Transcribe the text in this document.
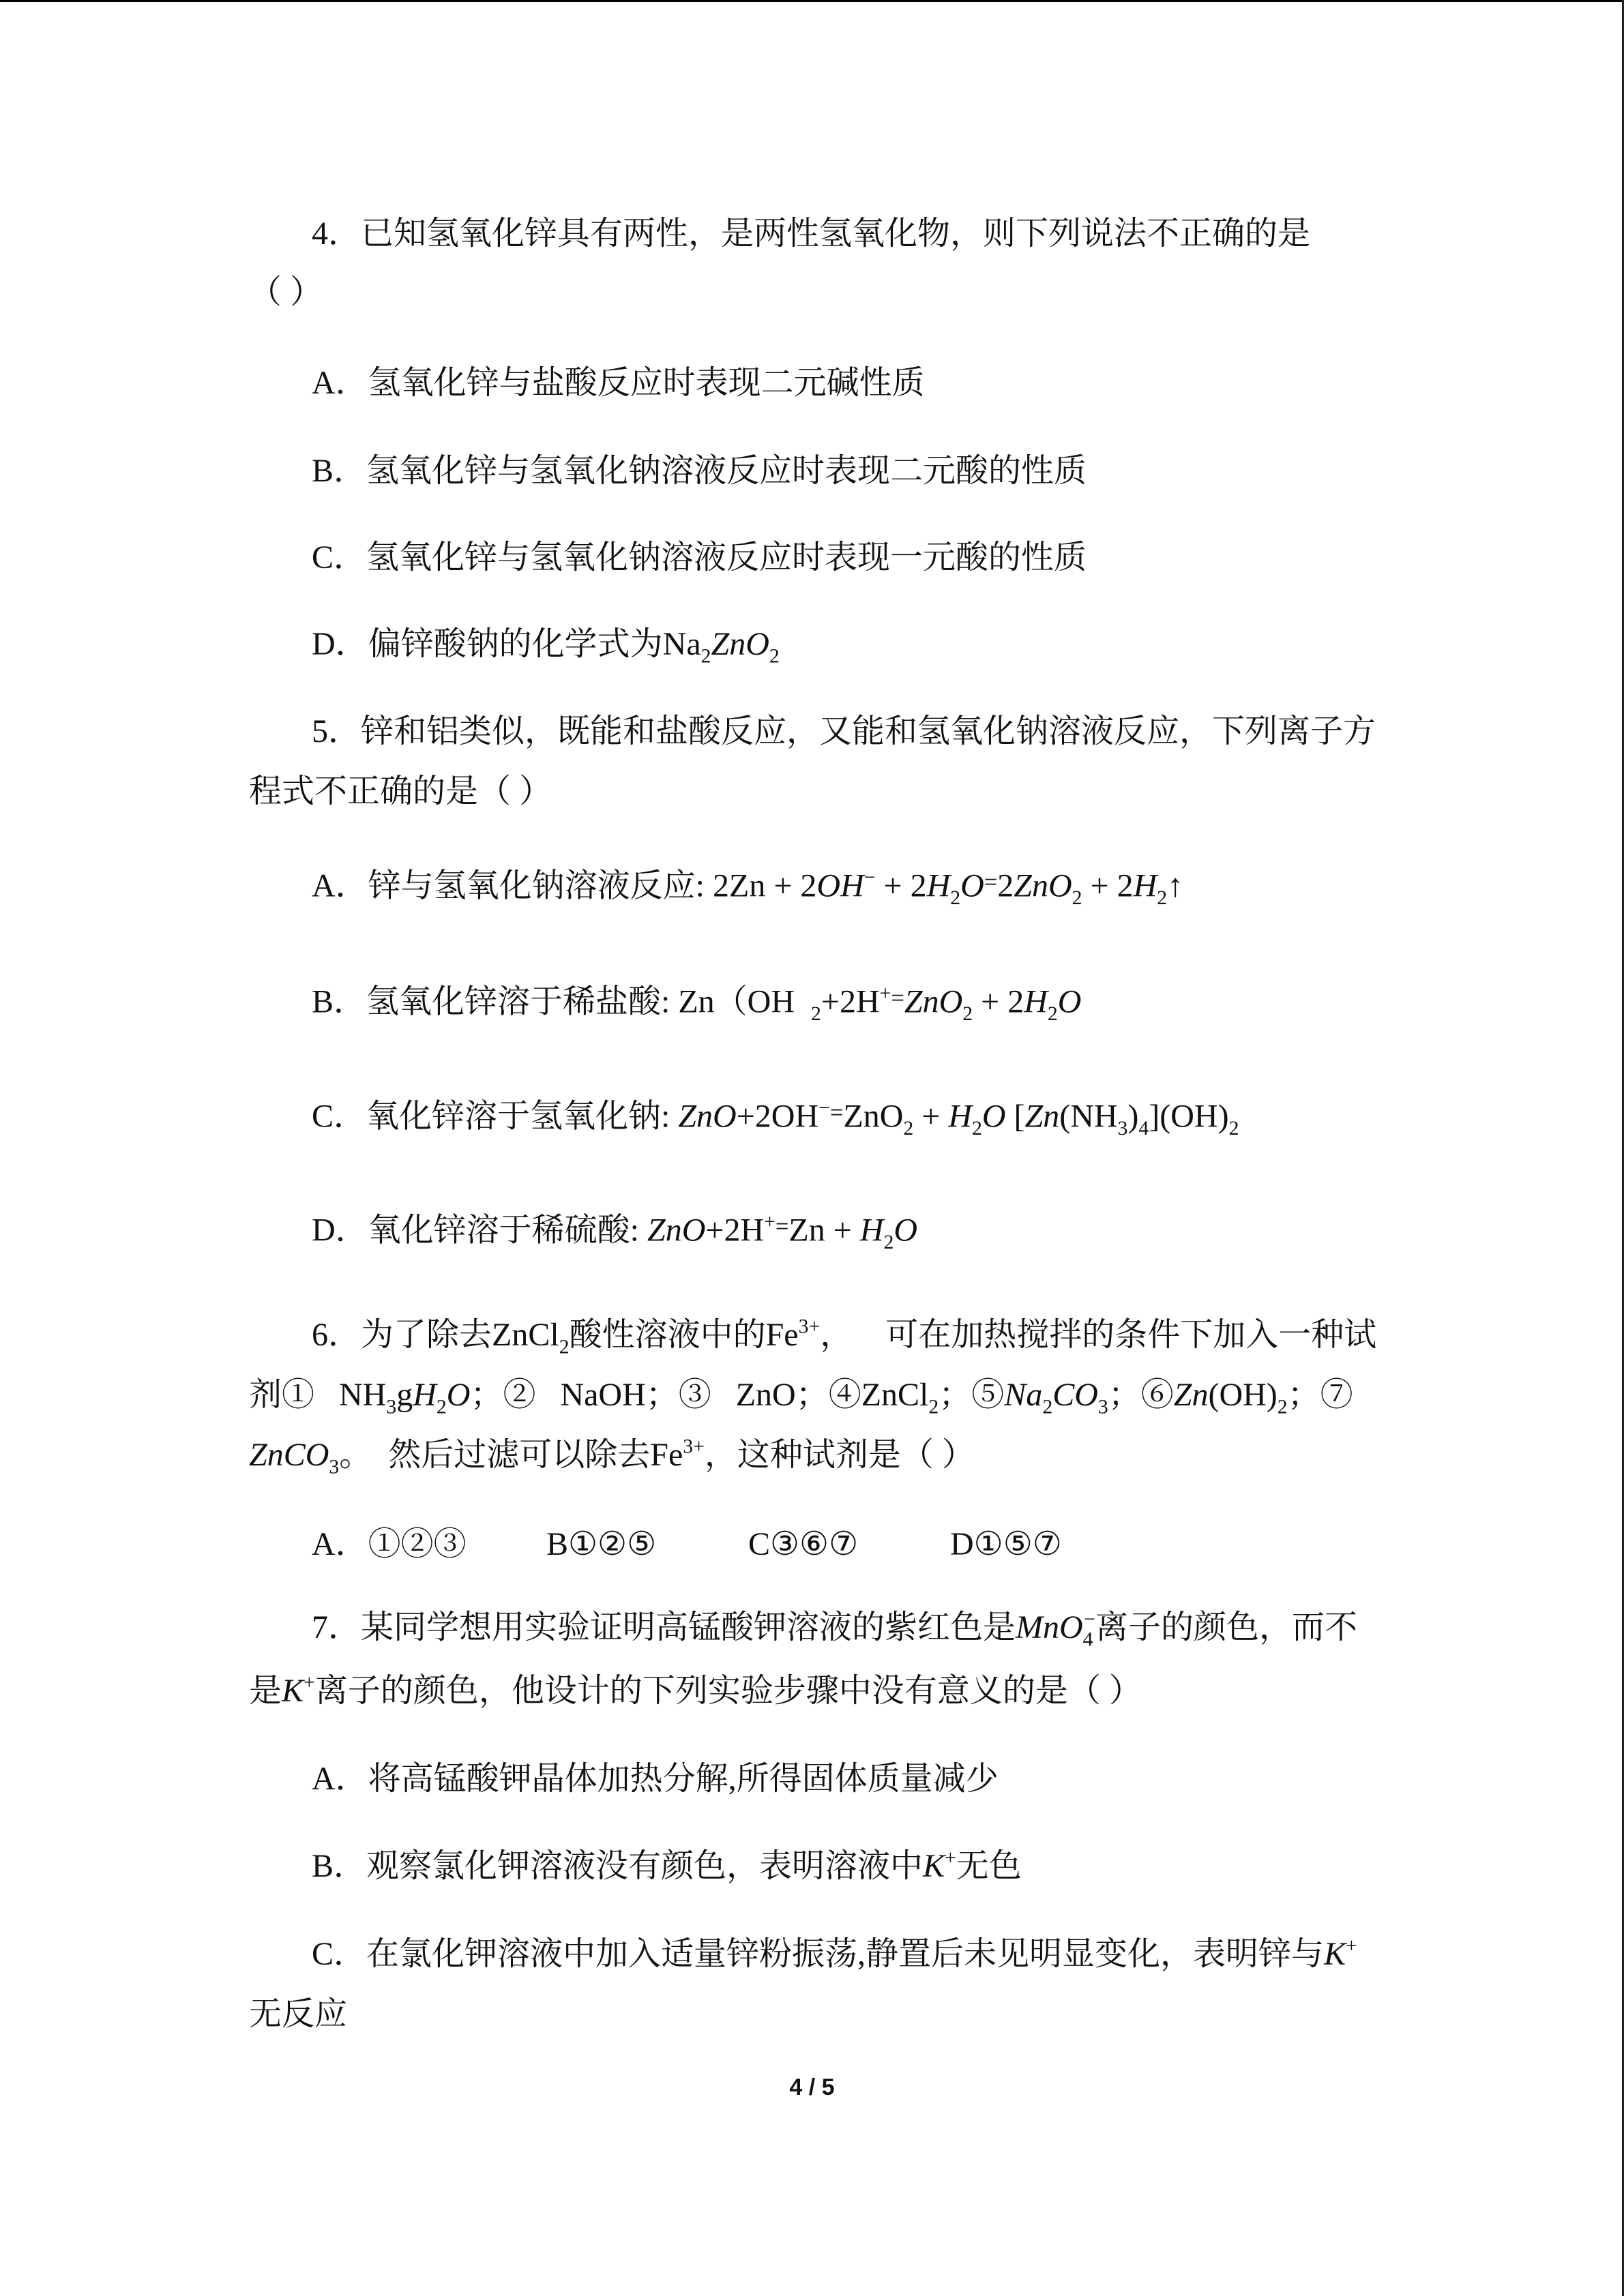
4．已知氢氧化锌具有两性，是两性氢氧化物，则下列说法不正确的是
（ ）
A．氢氧化锌与盐酸反应时表现二元碱性质
B．氢氧化锌与氢氧化钠溶液反应时表现二元酸的性质
C．氢氧化锌与氢氧化钠溶液反应时表现一元酸的性质
D．偏锌酸钠的化学式为$Na_2ZnO_2$
5．锌和铝类似，既能和盐酸反应，又能和氢氧化钠溶液反应，下列离子方
程式不正确的是（ ）
A．锌与氢氧化钠溶液反应: $2Zn + 2OH^- + 2H_2O^=2ZnO_2$ + $2H_2↑$
B．氢氧化锌溶于稀盐酸: Zn（OH  $_2+2H^{+=}ZnO_2 + 2H_2O$
C．氧化锌溶于氢氧化钠: $ZnO+2OH^{-=}ZnO_2 + H_2O$ $[Zn(NH_3)_4](OH)_2$
D．氧化锌溶于稀硫酸: $ZnO+2H^{+=}Zn + H_2O$
6．为了除去ZnCl$_2$酸性溶液中的$Fe^{3+}$，    可在加热搅拌的条件下加入一种试
剂①   $NH_3gH_2O$；②   NaOH；③   ZnO；④ZnCl$_2$；$⑤Na_2CO_3$；$⑥Zn(OH)_2$；⑦
ZnCO$_3$。  然后过滤可以除去$Fe^{3+}$，这种试剂是（ ）
A．①②③ B①②⑤	C③⑥⑦	D①⑤⑦
7．某同学想用实验证明高锰酸钾溶液的紫红色是MnO$_4$−离子的颜色，而不
是K+离子的颜色，他设计的下列实验步骤中没有意义的是（ ）
A．将高锰酸钾晶体加热分解,所得固体质量减少
B．观察氯化钾溶液没有颜色，表明溶液中K+无色
C．在氯化钾溶液中加入适量锌粉振荡,静置后未见明显变化，表明锌与K+
无反应
4 / 5
